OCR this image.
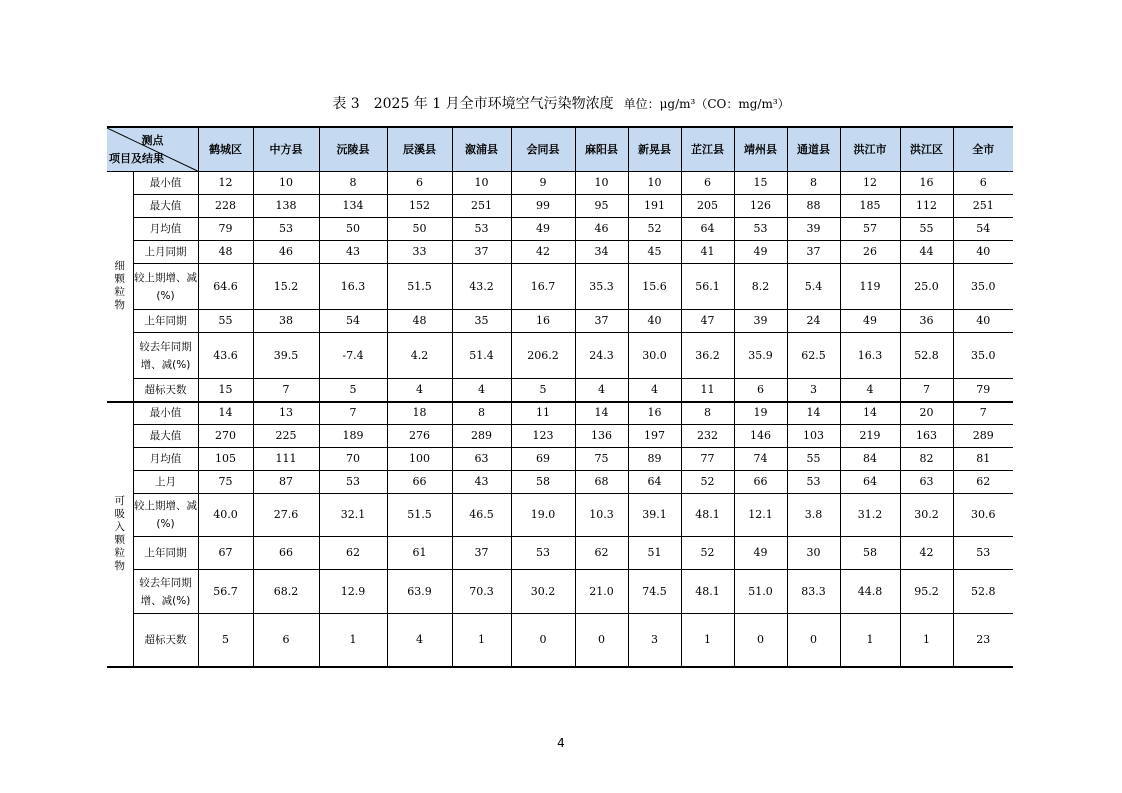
表 3　2025 年 1 月全市环境空气污染物浓度 单位：μg/m³（CO：mg/m³）
测点
项目及结果		鹤城区	中方县	沅陵县	辰溪县	溆浦县	会同县	麻阳县	新晃县	芷江县	靖州县	通道县	洪江市	洪江区	全市
细颗粒物	最小值	12	10	8	6	10	9	10	10	6	15	8	12	16	6
	最大值	228	138	134	152	251	99	95	191	205	126	88	185	112	251
	月均值	79	53	50	50	53	49	46	52	64	53	39	57	55	54
	上月同期	48	46	43	33	37	42	34	45	41	49	37	26	44	40
	较上期增、减(%)	64.6	15.2	16.3	51.5	43.2	16.7	35.3	15.6	56.1	8.2	5.4	119	25.0	35.0
	上年同期	55	38	54	48	35	16	37	40	47	39	24	49	36	40
	较去年同期增、减(%)	43.6	39.5	-7.4	4.2	51.4	206.2	24.3	30.0	36.2	35.9	62.5	16.3	52.8	35.0
	超标天数	15	7	5	4	4	5	4	4	11	6	3	4	7	79
可吸入颗粒物	最小值	14	13	7	18	8	11	14	16	8	19	14	14	20	7
	最大值	270	225	189	276	289	123	136	197	232	146	103	219	163	289
	月均值	105	111	70	100	63	69	75	89	77	74	55	84	82	81
	上月	75	87	53	66	43	58	68	64	52	66	53	64	63	62
	较上期增、减(%)	40.0	27.6	32.1	51.5	46.5	19.0	10.3	39.1	48.1	12.1	3.8	31.2	30.2	30.6
	上年同期	67	66	62	61	37	53	62	51	52	49	30	58	42	53
	较去年同期增、减(%)	56.7	68.2	12.9	63.9	70.3	30.2	21.0	74.5	48.1	51.0	83.3	44.8	95.2	52.8
	超标天数	5	6	1	4	1	0	0	3	1	0	0	1	1	23
4
